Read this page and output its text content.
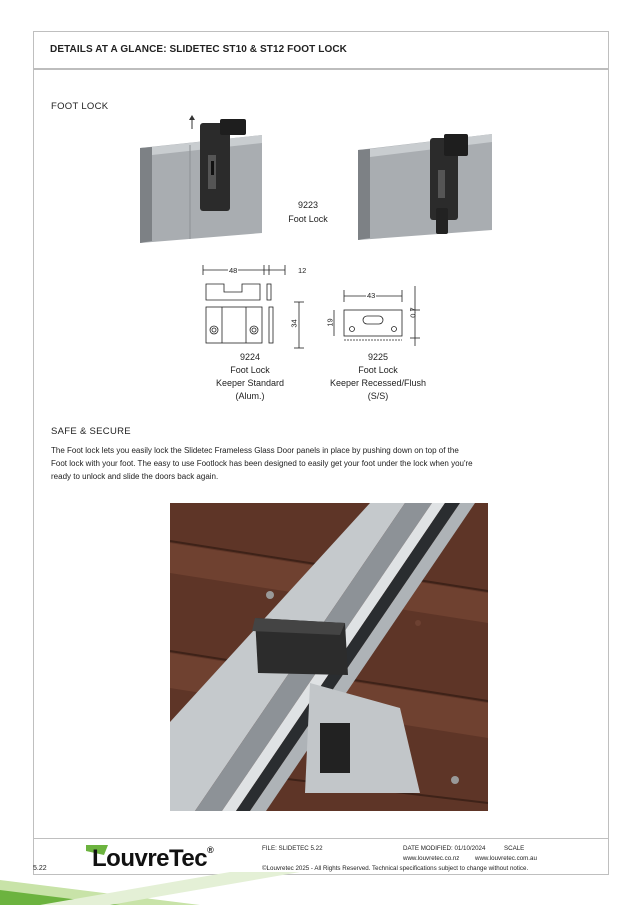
DETAILS AT A GLANCE: SLIDETEC ST10 & ST12 FOOT LOCK
FOOT LOCK
9223
Foot Lock
48	12
34
43
19
0.7
9224
Foot Lock
Keeper Standard
(Alum.)
9225
Foot Lock
Keeper Recessed/Flush
(S/S)
SAFE & SECURE

The Foot lock lets you easily lock the Slidetec Frameless Glass Door panels in place by pushing down on top of the

Foot lock with your foot. The easy to use Footlock has been designed to easily get your foot under the lock when you're

ready to unlock and slide the doors back again.

FILE: SLIDETEC 5.22	DATE MODIFIED: 01/10/2024	SCALE
www.louvretec.co.nz	www.louvretec.com.au
©Louvretec 2025 - All Rights Reserved. Technical specifications subject to change without notice.
LouvreTec®
5.22
